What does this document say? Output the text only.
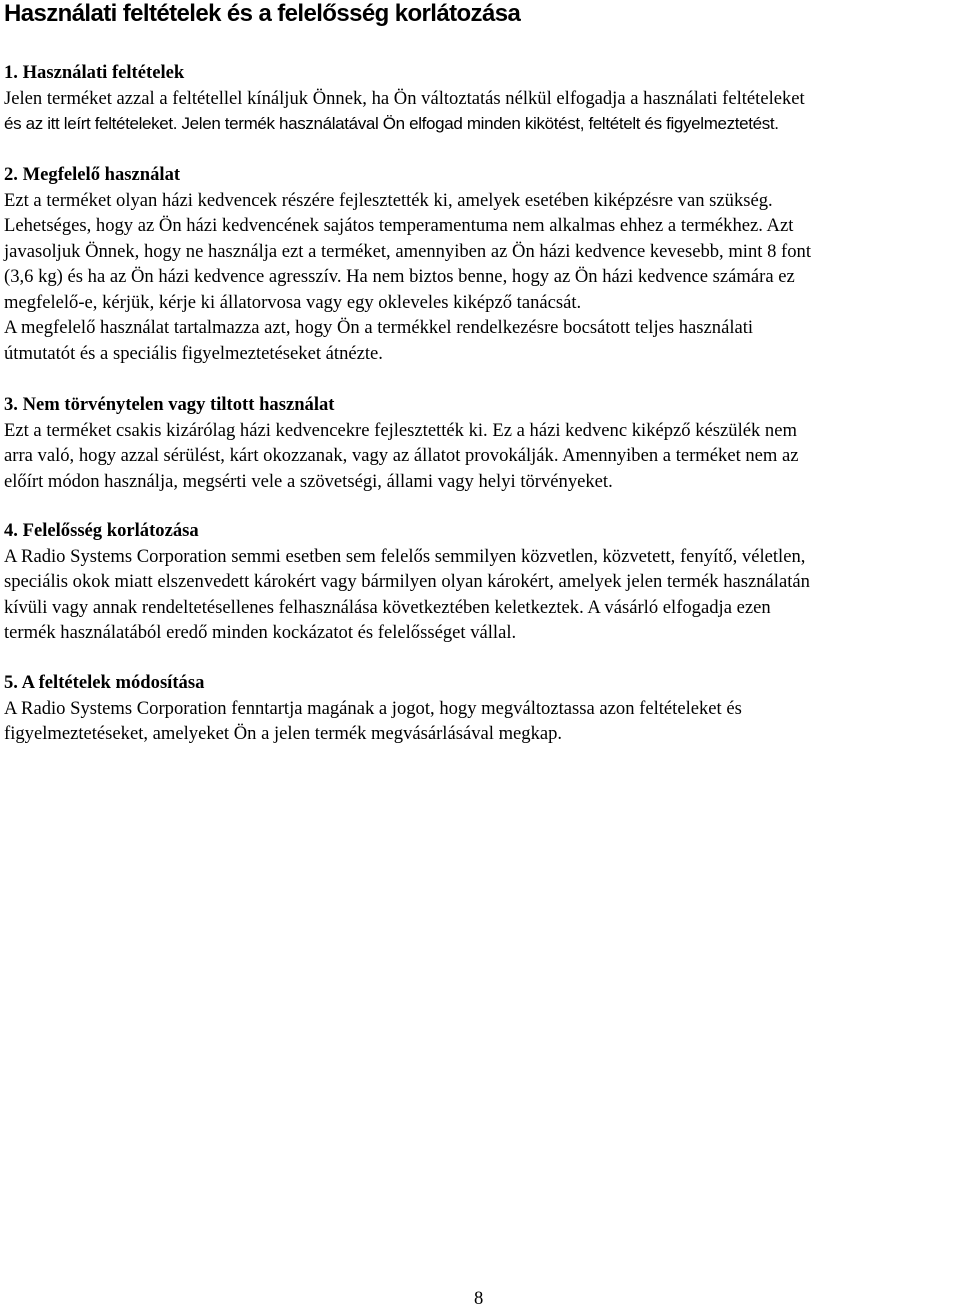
Használati feltételek és a felelősség korlátozása
1. Használati feltételek
Jelen terméket azzal a feltétellel kínáljuk Önnek, ha Ön változtatás nélkül elfogadja a használati feltételeket
és az itt leírt feltételeket. Jelen termék használatával Ön elfogad minden kikötést, feltételt és figyelmeztetést.
2. Megfelelő használat
Ezt a terméket olyan házi kedvencek részére fejlesztették ki, amelyek esetében kiképzésre van szükség.
Lehetséges, hogy az Ön házi kedvencének sajátos temperamentuma nem alkalmas ehhez a termékhez. Azt
javasoljuk Önnek, hogy ne használja ezt a terméket, amennyiben az Ön házi kedvence kevesebb, mint 8 font
(3,6 kg) és ha az Ön házi kedvence agresszív. Ha nem biztos benne, hogy az Ön házi kedvence számára ez
megfelelő-e, kérjük, kérje ki állatorvosa vagy egy okleveles kiképző tanácsát.
A megfelelő használat tartalmazza azt, hogy Ön a termékkel rendelkezésre bocsátott teljes használati
útmutatót és a speciális figyelmeztetéseket átnézte.
3. Nem törvénytelen vagy tiltott használat
Ezt a terméket csakis kizárólag házi kedvencekre fejlesztették ki. Ez a házi kedvenc kiképző készülék nem
arra való, hogy azzal sérülést, kárt okozzanak, vagy az állatot provokálják. Amennyiben a terméket nem az
előírt módon használja, megsérti vele a szövetségi, állami vagy helyi törvényeket.
4. Felelősség korlátozása
A Radio Systems Corporation semmi esetben sem felelős semmilyen közvetlen, közvetett, fenyítő, véletlen,
speciális okok miatt elszenvedett károkért vagy bármilyen olyan károkért, amelyek jelen termék használatán
kívüli vagy annak rendeltetésellenes felhasználása következtében keletkeztek. A vásárló elfogadja ezen
termék használatából eredő minden kockázatot és felelősséget vállal.
5. A feltételek módosítása
A Radio Systems Corporation fenntartja magának a jogot, hogy megváltoztassa azon feltételeket és
figyelmeztetéseket, amelyeket Ön a jelen termék megvásárlásával megkap.
8
